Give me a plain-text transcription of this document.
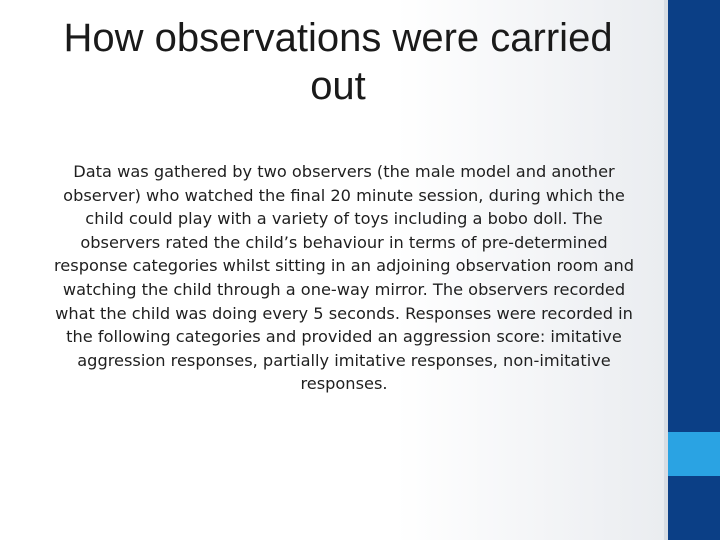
How observations were carried out

Data was gathered by two observers (the male model and another observer) who watched the final 20 minute session, during which the child could play with a variety of toys including a bobo doll. The observers rated the child’s behaviour in terms of pre-determined response categories whilst sitting in an adjoining observation room and watching the child through a one-way mirror. The observers recorded what the child was doing every 5 seconds. Responses were recorded in the following categories and provided an aggression score: imitative aggression responses, partially imitative responses, non-imitative responses.
